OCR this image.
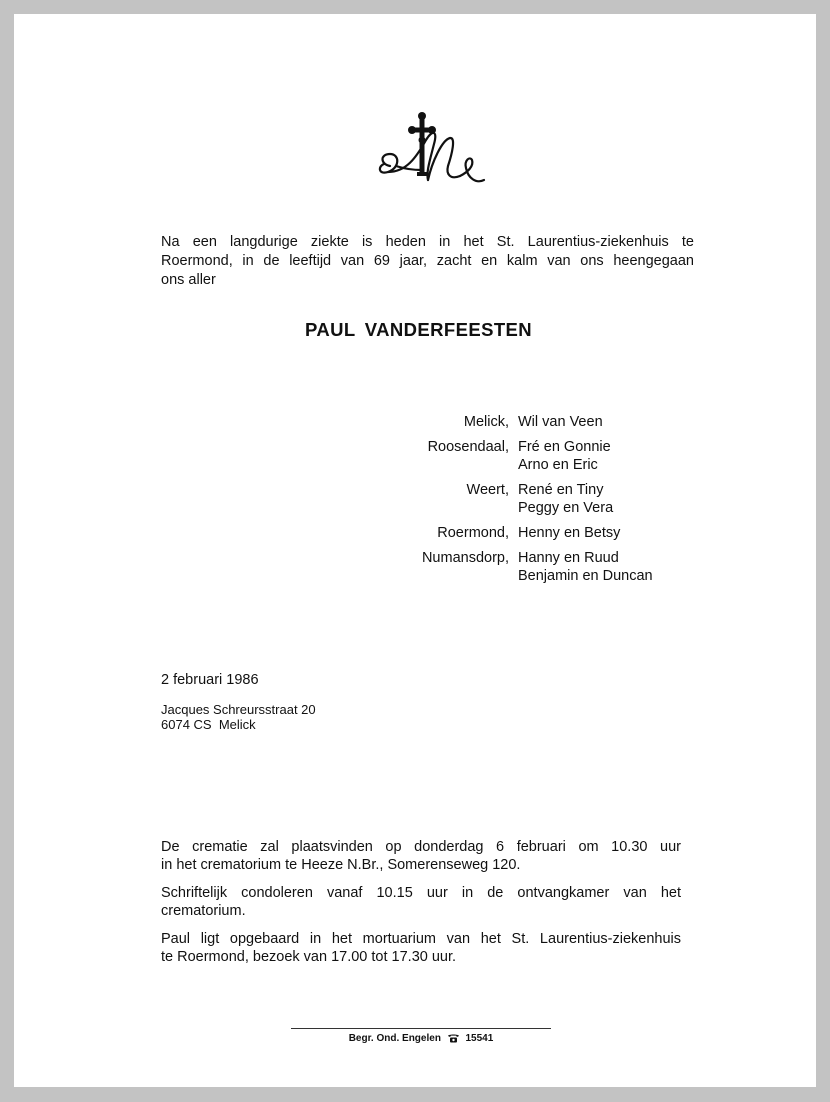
Na een langdurige ziekte is heden in het St. Laurentius-ziekenhuis te
Roermond, in de leeftijd van 69 jaar, zacht en kalm van ons heengegaan
ons aller
PAUL VANDERFEESTEN
Melick, Wil van Veen
Roosendaal, Fré en Gonnie
Arno en Eric
Weert, René en Tiny
Peggy en Vera
Roermond, Henny en Betsy
Numansdorp, Hanny en Ruud
Benjamin en Duncan
2 februari 1986
Jacques Schreursstraat 20
6074 CS  Melick

De crematie zal plaatsvinden op donderdag 6 februari om 10.30 uur
in het crematorium te Heeze N.Br., Somerenseweg 120.

Schriftelijk condoleren vanaf 10.15 uur in de ontvangkamer van het
crematorium.

Paul ligt opgebaard in het mortuarium van het St. Laurentius-ziekenhuis
te Roermond, bezoek van 17.00 tot 17.30 uur.

Begr. Ond. Engelen 15541
